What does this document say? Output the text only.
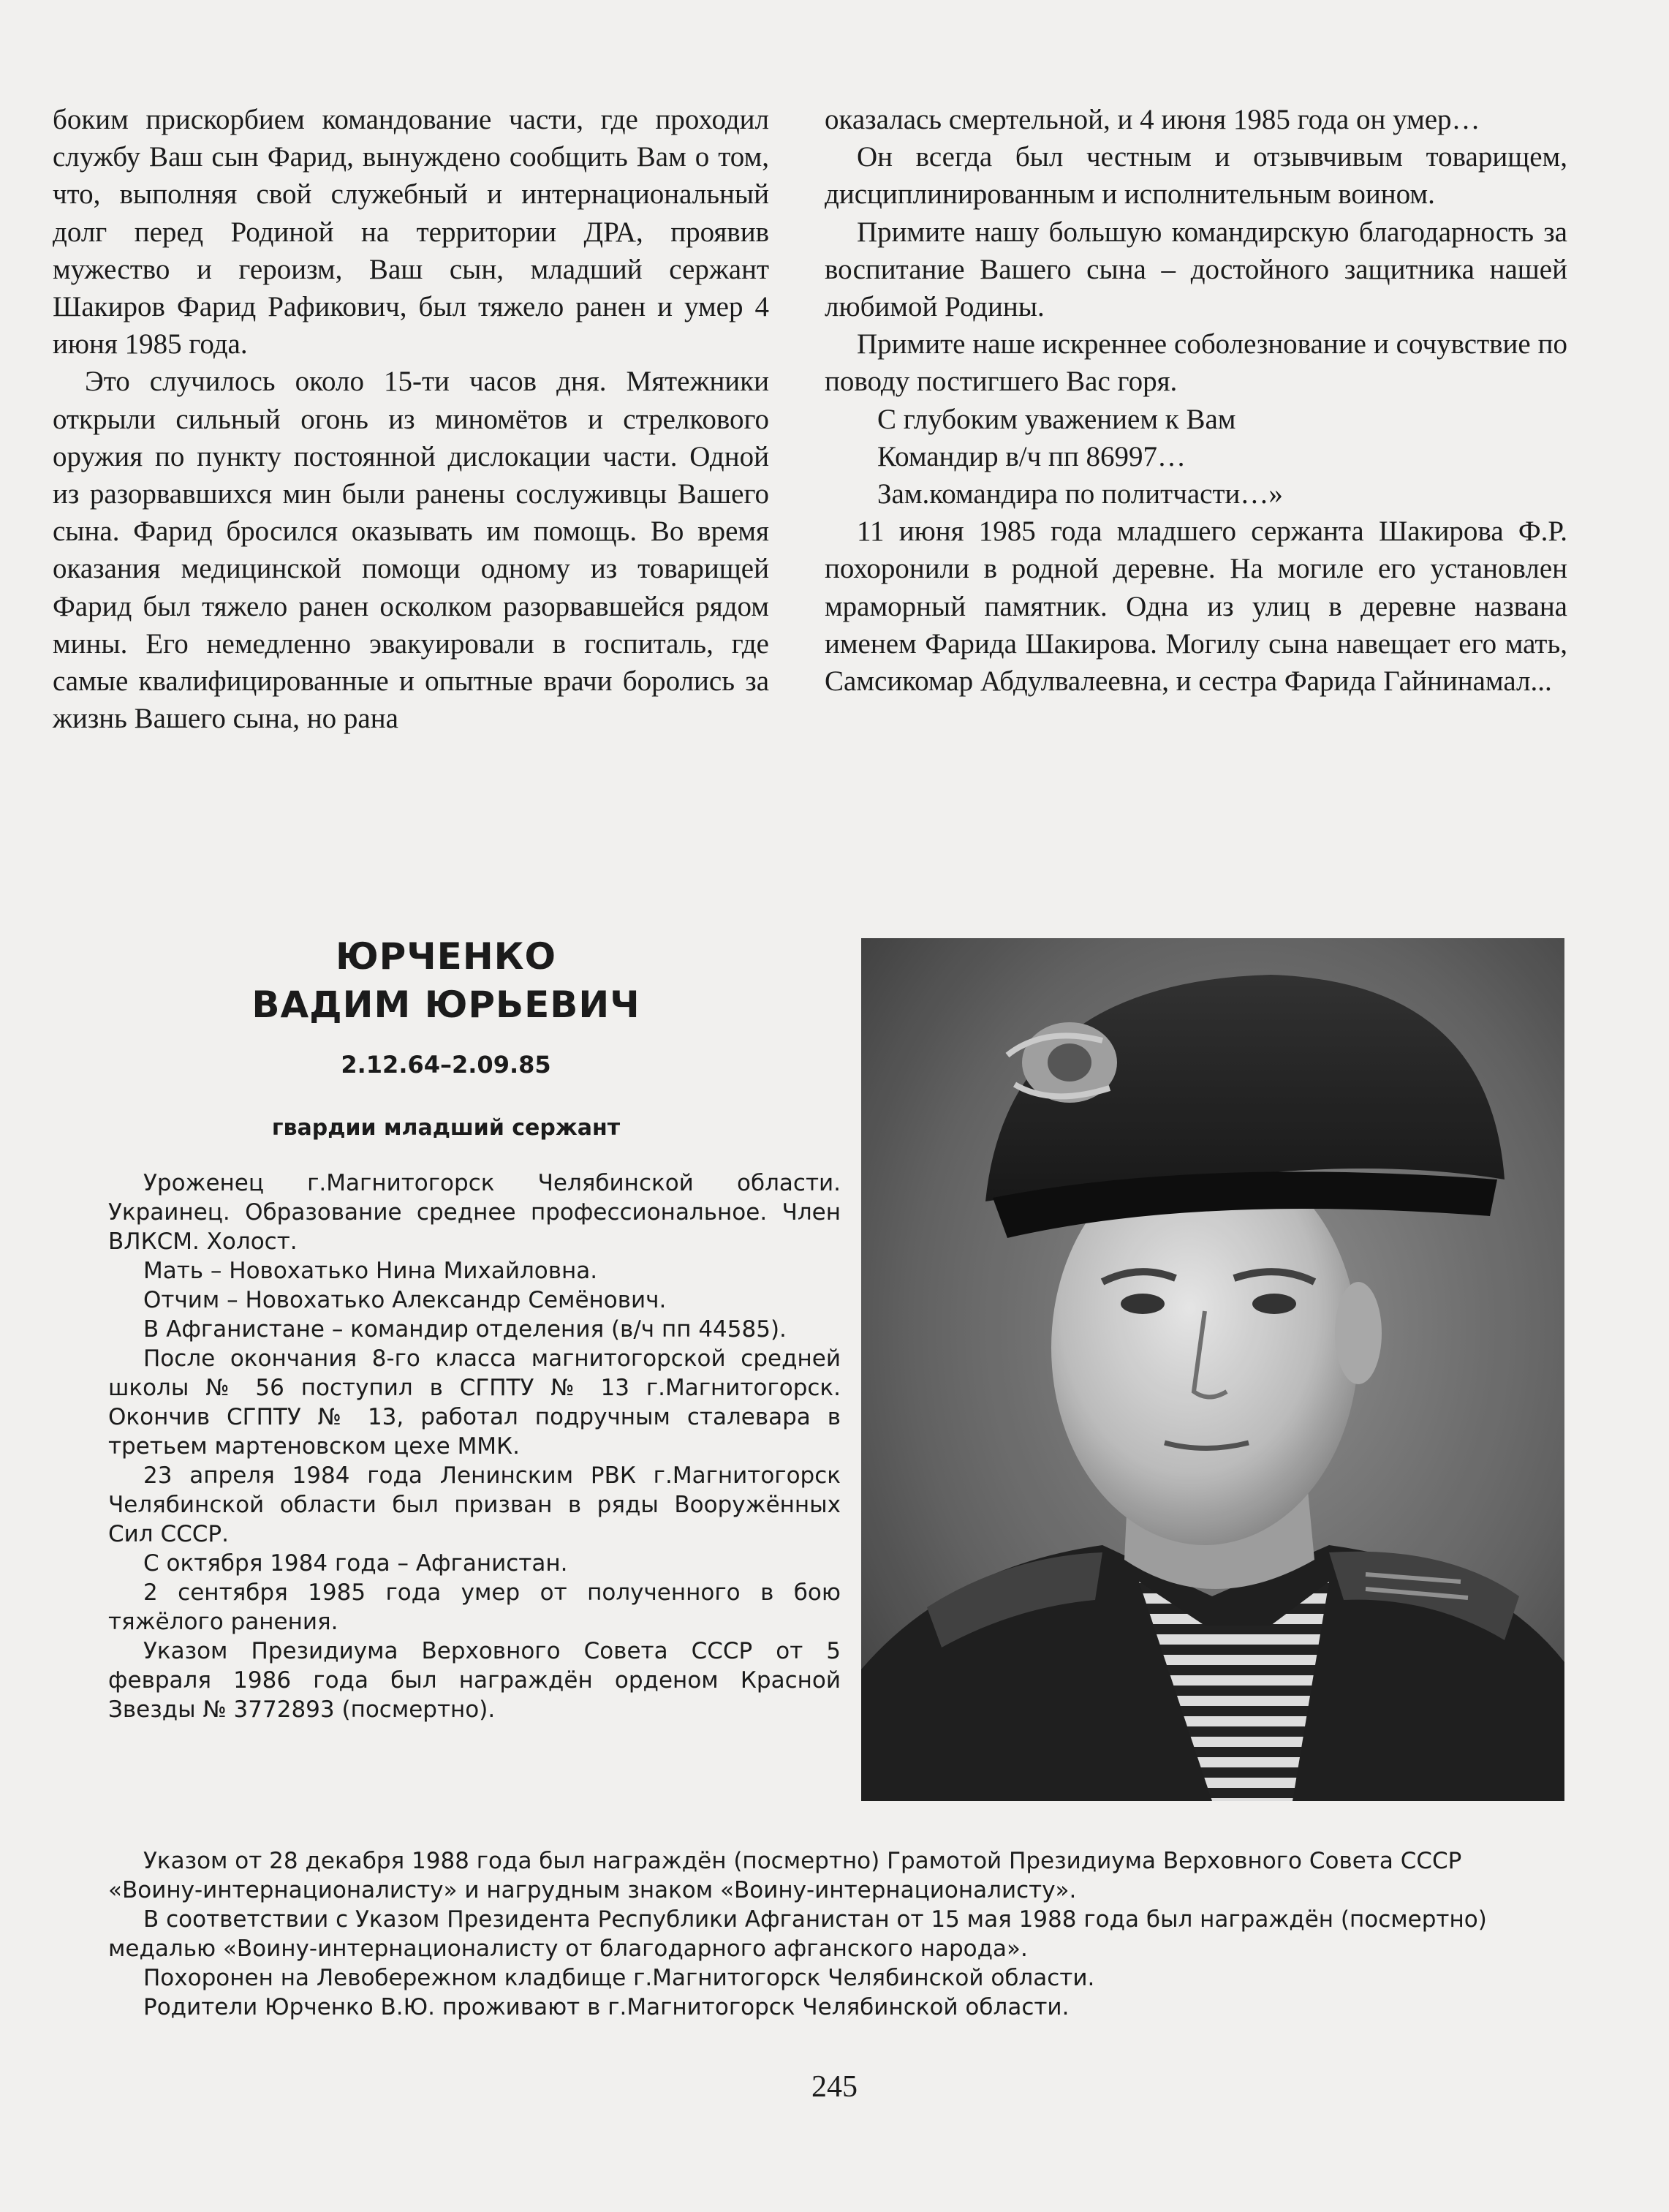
боким прискорбием командование части, где проходил службу Ваш сын Фарид, вынуждено сообщить Вам о том, что, выполняя свой служебный и интернациональный долг перед Родиной на территории ДРА, проявив мужество и героизм, Ваш сын, младший сержант Шакиров Фарид Рафикович, был тяжело ранен и умер 4 июня 1985 года.

Это случилось около 15-ти часов дня. Мятежники открыли сильный огонь из миномётов и стрелкового оружия по пункту постоянной дислокации части. Одной из разорвавшихся мин были ранены сослуживцы Вашего сына. Фарид бросился оказывать им помощь. Во время оказания медицинской помощи одному из товарищей Фарид был тяжело ранен осколком разорвавшейся рядом мины. Его немедленно эвакуировали в госпиталь, где самые квалифицированные и опытные врачи боролись за жизнь Вашего сына, но рана

оказалась смертельной, и 4 июня 1985 года он умер…

Он всегда был честным и отзывчивым товарищем, дисциплинированным и исполнительным воином.

Примите нашу большую командирскую благодарность за воспитание Вашего сына – достойного защитника нашей любимой Родины.

Примите наше искреннее соболезнование и сочувствие по поводу постигшего Вас горя.

С глубоким уважением к Вам

Командир в/ч пп 86997…

Зам.командира по политчасти…»

11 июня 1985 года младшего сержанта Шакирова Ф.Р. похоронили в родной деревне. На могиле его установлен мраморный памятник. Одна из улиц в деревне названа именем Фарида Шакирова. Могилу сына навещает его мать, Самсикомар Абдулвалеевна, и сестра Фарида Гайнинамал...

ЮРЧЕНКО
ВАДИМ ЮРЬЕВИЧ
2.12.64–2.09.85
гвардии младший сержант

Уроженец г.Магнитогорск Челябинской области. Украинец. Образование среднее профессиональное. Член ВЛКСМ. Холост.

Мать – Новохатько Нина Михайловна.

Отчим – Новохатько Александр Семёнович.

В Афганистане – командир отделения (в/ч пп 44585).

После окончания 8-го класса магнитогорской средней школы № 56 поступил в СГПТУ № 13 г.Магнитогорск. Окончив СГПТУ № 13, работал подручным сталевара в третьем мартеновском цехе ММК.

23 апреля 1984 года Ленинским РВК г.Магнитогорск Челябинской области был призван в ряды Вооружённых Сил СССР.

С октября 1984 года – Афганистан.

2 сентября 1985 года умер от полученного в бою тяжёлого ранения.

Указом Президиума Верховного Совета СССР от 5 февраля 1986 года был награждён орденом Красной Звезды № 3772893 (посмертно).

Указом от 28 декабря 1988 года был награждён (посмертно) Грамотой Президиума Верховного Совета СССР «Воину-интернационалисту» и нагрудным знаком «Воину-интернационалисту».

В соответствии с Указом Президента Республики Афганистан от 15 мая 1988 года был награждён (посмертно) медалью «Воину-интернационалисту от благодарного афганского народа».

Похоронен на Левобережном кладбище г.Магнитогорск Челябинской области.

Родители Юрченко В.Ю. проживают в г.Магнитогорск Челябинской области.

245
